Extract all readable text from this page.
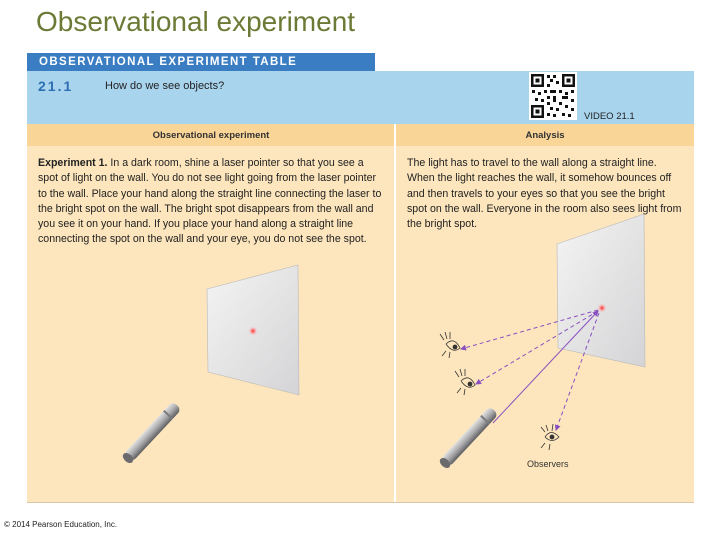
Observational experiment
OBSERVATIONAL EXPERIMENT TABLE
21.1	How do we see objects?
VIDEO 21.1
Observational experiment	Analysis
Experiment 1. In a dark room, shine a laser pointer so that you see a spot of light on the wall. You do not see light going from the laser pointer to the wall. Place your hand along the straight line connecting the laser to the bright spot on the wall. The bright spot disappears from the wall and you see it on your hand. If you place your hand along a straight line connecting the spot on the wall and your eye, you do not see the spot.
The light has to travel to the wall along a straight line. When the light reaches the wall, it somehow bounces off and then travels to your eyes so that you see the bright spot on the wall. Everyone in the room also sees light from the bright spot.
Observers
© 2014 Pearson Education, Inc.
